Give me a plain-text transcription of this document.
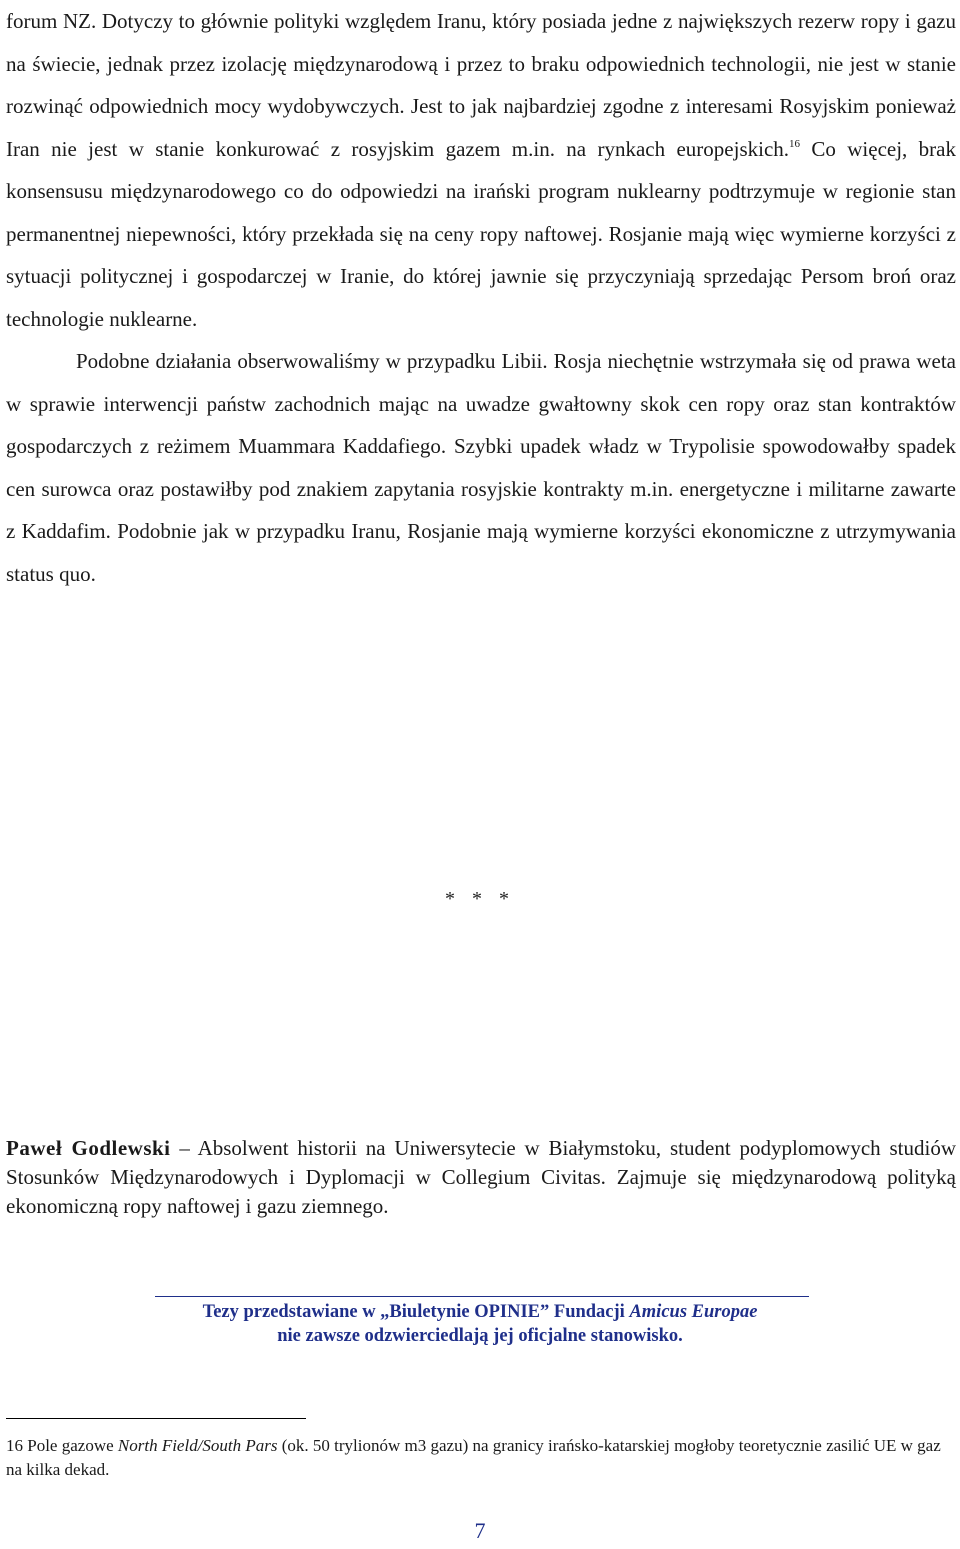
forum NZ. Dotyczy to głównie polityki względem Iranu, który posiada jedne z największych rezerw ropy i gazu na świecie, jednak przez izolację międzynarodową i przez to braku odpowiednich technologii, nie jest w stanie rozwinąć odpowiednich mocy wydobywczych. Jest to jak najbardziej zgodne z interesami Rosyjskim ponieważ Iran nie jest w stanie konkurować z rosyjskim gazem m.in. na rynkach europejskich.$^{16}$ Co więcej, brak konsensusu międzynarodowego co do odpowiedzi na irański program nuklearny podtrzymuje w regionie stan permanentnej niepewności, który przekłada się na ceny ropy naftowej. Rosjanie mają więc wymierne korzyści z sytuacji politycznej i gospodarczej w Iranie, do której jawnie się przyczyniają sprzedając Persom broń oraz technologie nuklearne.

Podobne działania obserwowaliśmy w przypadku Libii. Rosja niechętnie wstrzymała się od prawa weta w sprawie interwencji państw zachodnich mając na uwadze gwałtowny skok cen ropy oraz stan kontraktów gospodarczych z reżimem Muammara Kaddafiego. Szybki upadek władz w Trypolisie spowodowałby spadek cen surowca oraz postawiłby pod znakiem zapytania rosyjskie kontrakty m.in. energetyczne i militarne zawarte z Kaddafim. Podobnie jak w przypadku Iranu, Rosjanie mają wymierne korzyści ekonomiczne z utrzymywania status quo.

* * *

Paweł Godlewski – Absolwent historii na Uniwersytecie w Białymstoku, student podyplomowych studiów Stosunków Międzynarodowych i Dyplomacji w Collegium Civitas. Zajmuje się międzynarodową polityką ekonomiczną ropy naftowej i gazu ziemnego.

Tezy przedstawiane w „Biuletynie OPINIE” Fundacji Amicus Europae
nie zawsze odzwierciedlają jej oficjalne stanowisko.

16 Pole gazowe North Field/South Pars (ok. 50 trylionów m3 gazu) na granicy irańsko-katarskiej mogłoby teoretycznie zasilić UE w gaz na kilka dekad.

7
